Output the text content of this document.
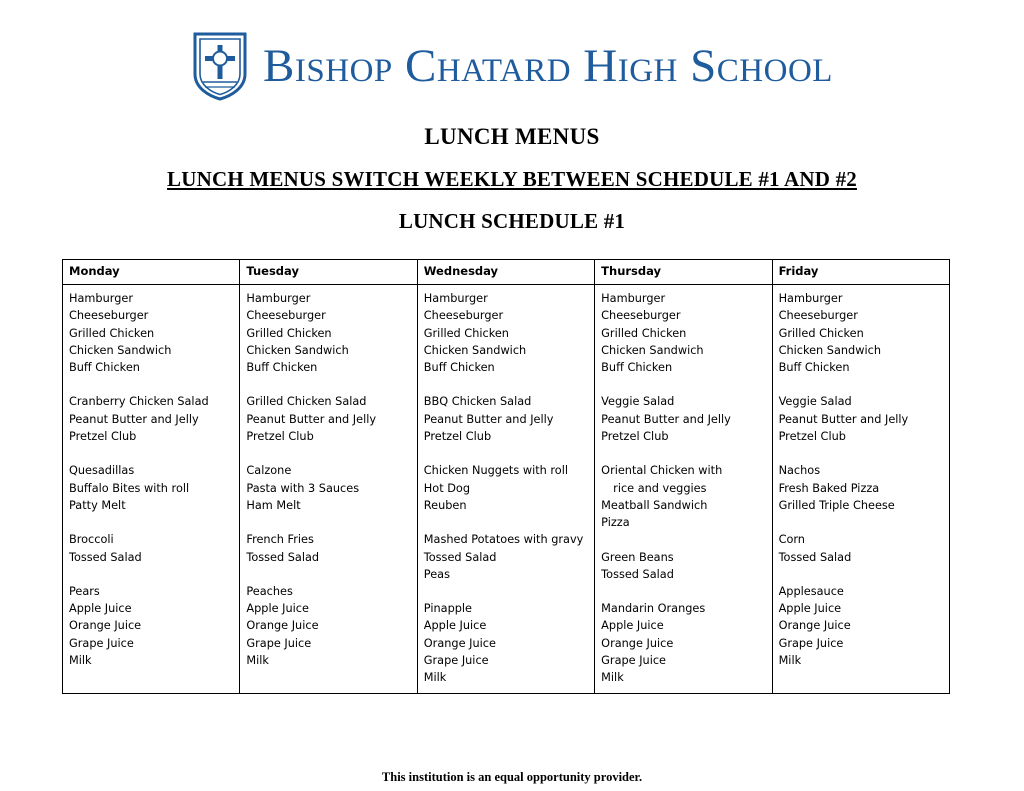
Bishop Chatard High School
LUNCH MENUS
LUNCH MENUS SWITCH WEEKLY BETWEEN SCHEDULE #1 AND #2
LUNCH SCHEDULE #1
Monday	Tuesday	Wednesday	Thursday	Friday

Hamburger
Cheeseburger
Grilled Chicken
Chicken Sandwich
Buff Chicken
Cranberry Chicken Salad
Peanut Butter and Jelly
Pretzel Club
Quesadillas
Buffalo Bites with roll
Patty Melt
Broccoli
Tossed Salad
Pears
Apple Juice
Orange Juice
Grape Juice
Milk

Hamburger
Cheeseburger
Grilled Chicken
Chicken Sandwich
Buff Chicken
Grilled Chicken Salad
Peanut Butter and Jelly
Pretzel Club
Calzone
Pasta with 3 Sauces
Ham Melt
French Fries
Tossed Salad
Peaches
Apple Juice
Orange Juice
Grape Juice
Milk

Hamburger
Cheeseburger
Grilled Chicken
Chicken Sandwich
Buff Chicken
BBQ Chicken Salad
Peanut Butter and Jelly
Pretzel Club
Chicken Nuggets with roll
Hot Dog
Reuben
Mashed Potatoes with gravy
Tossed Salad
Peas
Pinapple
Apple Juice
Orange Juice
Grape Juice
Milk

Hamburger
Cheeseburger
Grilled Chicken
Chicken Sandwich
Buff Chicken
Veggie Salad
Peanut Butter and Jelly
Pretzel Club
Oriental Chicken with
rice and veggies
Meatball Sandwich
Pizza
Green Beans
Tossed Salad
Mandarin Oranges
Apple Juice
Orange Juice
Grape Juice
Milk

Hamburger
Cheeseburger
Grilled Chicken
Chicken Sandwich
Buff Chicken
Veggie Salad
Peanut Butter and Jelly
Pretzel Club
Nachos
Fresh Baked Pizza
Grilled Triple Cheese
Corn
Tossed Salad
Applesauce
Apple Juice
Orange Juice
Grape Juice
Milk
This institution is an equal opportunity provider.
